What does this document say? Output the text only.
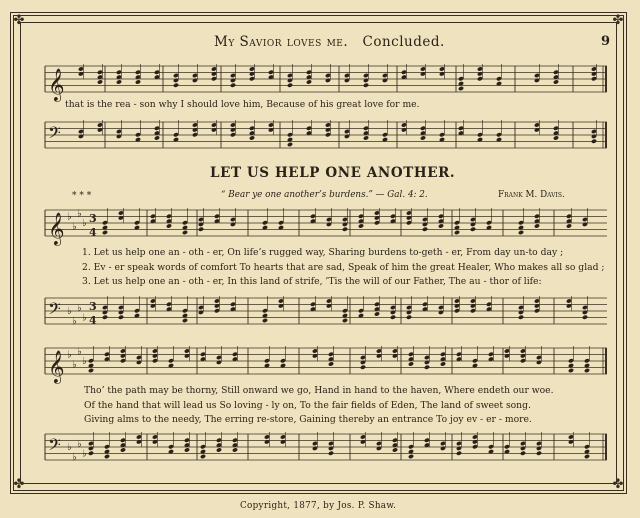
✤	✤
✤	✤
My Savior loves me. Concluded.	9
𝄞
that is the rea - son why I should love him, Because of his great love for me.
𝄢
LET US HELP ONE ANOTHER.
* * *	“ Bear ye one another’s burdens.” — Gal. 4: 2.	Frank M. Davis.
𝄞 3
4
♭
♭
♭
♭
1. Let us help one an - oth - er, On life’s rugged way, Sharing burdens to-geth - er, From day un-to day ;
2. Ev - er speak words of comfort To hearts that are sad, Speak of him the great Healer, Who makes all so glad ;
3. Let us help one an - oth - er, In this land of strife, ’Tis the will of our Father, The au - thor of life:
𝄢	3
4
♭
♭
♭
♭
𝄞 ♭
♭
♭
♭
Tho’ the path may be thorny, Still onward we go, Hand in hand to the haven, Where endeth our woe.
Of the hand that will lead us So loving - ly on, To the fair fields of Eden, The land of sweet song.
Giving alms to the needy, The erring re-store, Gaining thereby an entrance To joy ev - er - more.
𝄢 ♭
♭
♭
♭
Copyright, 1877, by Jos. P. Shaw.
